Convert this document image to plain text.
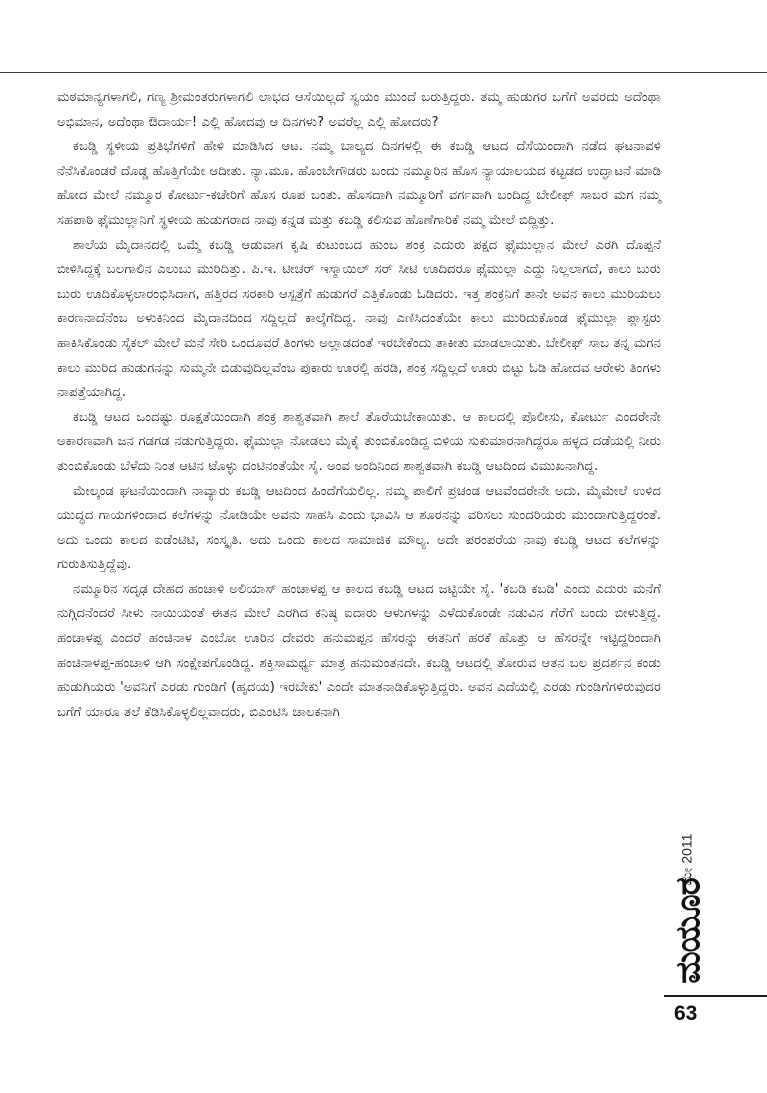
ಮಠಮಾನ್ಯಗಳಾಗಲಿ, ಗಣ್ಯ ಶ್ರೀಮಂತರುಗಳಾಗಲಿ ಲಾಭದ ಆಸೆಯಿಲ್ಲದೆ ಸ್ವಯಂ ಮುಂದೆ ಬರುತ್ತಿದ್ದರು. ತಮ್ಮ ಹುಡುಗರ ಬಗೆಗೆ ಅವರದು ಅದೆಂಥಾ ಅಭಿಮಾನ, ಅದೆಂಥಾ ಔದಾರ್ಯ! ಎಲ್ಲಿ ಹೋದವು ಆ ದಿನಗಳು? ಅವರೆಲ್ಲ ಎಲ್ಲಿ ಹೋದರು?

ಕಬಡ್ಡಿ ಸ್ಥಳೀಯ ಪ್ರತಿಭೆಗಳಿಗೆ ಹೇಳಿ ಮಾಡಿಸಿದ ಆಟ. ನಮ್ಮ ಬಾಲ್ಯದ ದಿನಗಳಲ್ಲಿ ಈ ಕಬಡ್ಡಿ ಆಟದ ದೆಸೆಯಿಂದಾಗಿ ನಡೆದ ಘಟನಾವಳಿ ನೆನೆಸಿಕೊಂಡರೆ ದೊಡ್ಡ ಹೊತ್ತಿಗೆಯೇ ಆದೀತು. ನ್ಯಾ.ಮೂ. ಹೊಂಬೇಗೌಡರು ಬಂದು ನಮ್ಮೂರಿನ ಹೊಸ ನ್ಯಾಯಾಲಯದ ಕಟ್ಟಡದ ಉದ್ಘಾಟನೆ ಮಾಡಿ ಹೋದ ಮೇಲೆ ನಮ್ಮೂರ ಕೋರ್ಟು-ಕಚೇರಿಗೆ ಹೊಸ ರೂಪ ಬಂತು. ಹೊಸದಾಗಿ ನಮ್ಮೂರಿಗೆ ವರ್ಗವಾಗಿ ಬಂದಿದ್ದ ಬೇಲೀಫ್ ಸಾಬರ ಮಗ ನಮ್ಮ ಸಹಪಾಠಿ ಫೈಮುಲ್ಲಾನಿಗೆ ಸ್ಥಳೀಯ ಹುಡುಗರಾದ ನಾವು ಕನ್ನಡ ಮತ್ತು ಕಬಡ್ಡಿ ಕಲಿಸುವ ಹೊಣೆಗಾರಿಕೆ ನಮ್ಮ ಮೇಲೆ ಬಿದ್ದಿತ್ತು.

ಶಾಲೆಯ ಮೈದಾನದಲ್ಲಿ ಒಮ್ಮೆ ಕಬಡ್ಡಿ ಆಡುವಾಗ ಕೃಷಿ ಕುಟುಂಬದ ಹುಂಬ ಶಂಕ್ರ ಎದುರು ಪಕ್ಷದ ಫೈಮುಲ್ಲಾನ ಮೇಲೆ ಎರಗಿ ದೊಪ್ಪನೆ ಬೀಳಿಸಿದ್ದಕ್ಕೆ ಬಲಗಾಲಿನ ಎಲುಬು ಮುರಿದಿತ್ತು. ಪಿ.ಇ. ಟೀಚರ್ ಇಸ್ಮಾಯಿಲ್ ಸರ್ ಸೀಟಿ ಊದಿದರೂ ಫೈಮುಲ್ಲಾ ಎದ್ದು ನಿಲ್ಲಲಾಗದೆ, ಕಾಲು ಬುರು ಬುರು ಊದಿಕೊಳ್ಳಲಾರಂಭಿಸಿದಾಗ, ಹತ್ತಿರದ ಸರಕಾರಿ ಆಸ್ಪತ್ರೆಗೆ ಹುಡುಗರೆ ಎತ್ತಿಕೊಂಡು ಓಡಿದರು. ಇತ್ತ ಶಂಕ್ರನಿಗೆ ತಾನೇ ಅವನ ಕಾಲು ಮುರಿಯಲು ಕಾರಣನಾದೆನೆಂಬ ಅಳುಕಿನಿಂದ ಮೈದಾನದಿಂದ ಸದ್ದಿಲ್ಲದೆ ಕಾಲ್ಕೆಗೆದಿದ್ದ. ನಾವು ಎಣಿಸಿದಂತೆಯೇ ಕಾಲು ಮುರಿದುಕೊಂಡ ಫೈಮುಲ್ಲಾ ಪ್ಲಾಸ್ಟರು ಹಾಕಿಸಿಕೊಂಡು ಸೈಕಲ್ ಮೇಲೆ ಮನೆ ಸೇರಿ ಒಂದೂವರೆ ತಿಂಗಳು ಅಲ್ಲಾಡದಂತೆ ಇರಬೇಕೆಂದು ತಾಕೀತು ಮಾಡಲಾಯಿತು. ಬೇಲೀಫ್ ಸಾಬ ತನ್ನ ಮಗನ ಕಾಲು ಮುರಿದ ಹುಡುಗನನ್ನು ಸುಮ್ಮನೇ ಬಿಡುವುದಿಲ್ಲವೆಂಬ ಪುಕಾರು ಊರಲ್ಲಿ ಹರಡಿ, ಶಂಕ್ರ ಸದ್ದಿಲ್ಲದೆ ಊರು ಬಿಟ್ಟು ಓಡಿ ಹೋದವ ಆರೇಳು ತಿಂಗಳು ನಾಪತ್ತೆಯಾಗಿದ್ದ.

ಕಬಡ್ಡಿ ಆಟದ ಒಂದಷ್ಟು ರೂಕ್ಷತೆಯಿಂದಾಗಿ ಶಂಕ್ರ ಶಾಶ್ವತವಾಗಿ ಶಾಲೆ ತೊರೆಯಬೇಕಾಯಿತು. ಆ ಕಾಲದಲ್ಲಿ ಪೊಲೀಸು, ಕೋರ್ಟು ಎಂದರೇನೇ ಅಕಾರಣವಾಗಿ ಜನ ಗಡಗಡ ನಡುಗುತ್ತಿದ್ದರು. ಫೈಮುಲ್ಲಾ ನೋಡಲು ಮೈಕೈ ತುಂಬಿಕೊಂಡಿದ್ದ ಬಿಳಿಯ ಸುಕುಮಾರನಾಗಿದ್ದರೂ ಹಳ್ಳದ ದಡೆಯಲ್ಲಿ ನೀರು ತುಂಬಿಕೊಂಡು ಬೆಳೆದು ನಿಂತ ಆಟಿನ ಟೊಳ್ಳು ದಂಟಿನಂತೆಯೇ ಸೈ. ಅಂವ ಅಂದಿನಿಂದ ಶಾಶ್ವತವಾಗಿ ಕಬಡ್ಡಿ ಆಟದಿಂದ ವಿಮುಖನಾಗಿದ್ದ.

ಮೇಲ್ಕಂಡ ಘಟನೆಯಿಂದಾಗಿ ನಾವ್ಯಾರು ಕಬಡ್ಡಿ ಆಟದಿಂದ ಹಿಂದೆಗೆಯಲಿಲ್ಲ. ನಮ್ಮ ಪಾಲಿಗೆ ಪ್ರಚಂಡ ಆಟವೆಂದರೇನೇ ಅದು. ಮೈಮೇಲೆ ಉಳಿದ ಯುದ್ಧದ ಗಾಯಗಳಿಂದಾದ ಕಲೆಗಳನ್ನು ನೋಡಿಯೇ ಅವನು ಸಾಹಸಿ ಎಂದು ಭಾವಿಸಿ ಆ ಶೂರನನ್ನು ವರಿಸಲು ಸುಂದರಿಯರು ಮುಂದಾಗುತ್ತಿದ್ದರಂತೆ. ಅದು ಒಂದು ಕಾಲದ ಐಡೆಂಟಿಟಿ, ಸಂಸ್ಕೃತಿ. ಅದು ಒಂದು ಕಾಲದ ಸಾಮಾಜಿಕ ಮೌಲ್ಯ. ಅದೇ ಪರಂಪರೆಯ ನಾವು ಕಬಡ್ಡಿ ಆಟದ ಕಲೆಗಳನ್ನು ಗುರುತಿಸುತ್ತಿದ್ದೆವು.

ನಮ್ಮೂರಿನ ಸದೃಢ ದೇಹದ ಹಂಚಾಳಿ ಅಲಿಯಾಸ್ ಹಂಚಾಳಪ್ಪ ಆ ಕಾಲದ ಕಬಡ್ಡಿ ಆಟದ ಜಟ್ಟಿಯೇ ಸೈ. 'ಕಬಡಿ ಕಬಡಿ' ಎಂದು ಎದುರು ಮನೆಗೆ ನುಗ್ಗಿದನೆಂದರೆ ಸೀಳು ನಾಯಿಯಂತೆ ಈತನ ಮೇಲೆ ಎರಗಿದ ಕನಿಷ್ಠ ಐದಾರು ಆಳುಗಳನ್ನು ಎಳೆದುಕೊಂಡೇ ನಡುವಿನ ಗೆರೆಗೆ ಬಂದು ಬೀಳುತ್ತಿದ್ದ. ಹಂಚಾಳಪ್ಪ ಎಂದರೆ ಹಂಚಿನಾಳ ಎಂಬೋ ಊರಿನ ದೇವರು ಹನುಮಪ್ಪನ ಹೆಸರನ್ನು ಈತನಿಗೆ ಹರಕೆ ಹೊತ್ತು ಆ ಹೆಸರನ್ನೇ ಇಟ್ಟಿದ್ದರಿಂದಾಗಿ ಹಂಚಿನಾಳಪ್ಪ-ಹಂಚಾಳಿ ಆಗಿ ಸಂಕ್ಷೇಪಗೊಂಡಿದ್ದ. ಶಕ್ತಿಸಾಮರ್ಥ್ಯ ಮಾತ್ರ ಹನುಮಂತನದೇ. ಕಬಡ್ಡಿ ಆಟದಲ್ಲಿ ತೋರುವ ಆತನ ಬಲ ಪ್ರದರ್ಶನ ಕಂಡು ಹುಡುಗಿಯರು 'ಅವನಿಗೆ ಎರಡು ಗುಂಡಿಗೆ (ಹೃದಯ) ಇರಬೇಕು' ಎಂದೇ ಮಾತನಾಡಿಕೊಳ್ಳುತ್ತಿದ್ದರು. ಅವನ ಎದೆಯಲ್ಲಿ ಎರಡು ಗುಂಡಿಗೆಗಳಿರುವುದರ ಬಗೆಗೆ ಯಾರೂ ತಲೆ ಕೆಡಿಸಿಕೊಳ್ಳಲಿಲ್ಲವಾದರು, ಬಿಎಂಟಿಸಿ ಚಾಲಕನಾಗಿ

ಮೇ 2011
ಮಯೂರ
63
